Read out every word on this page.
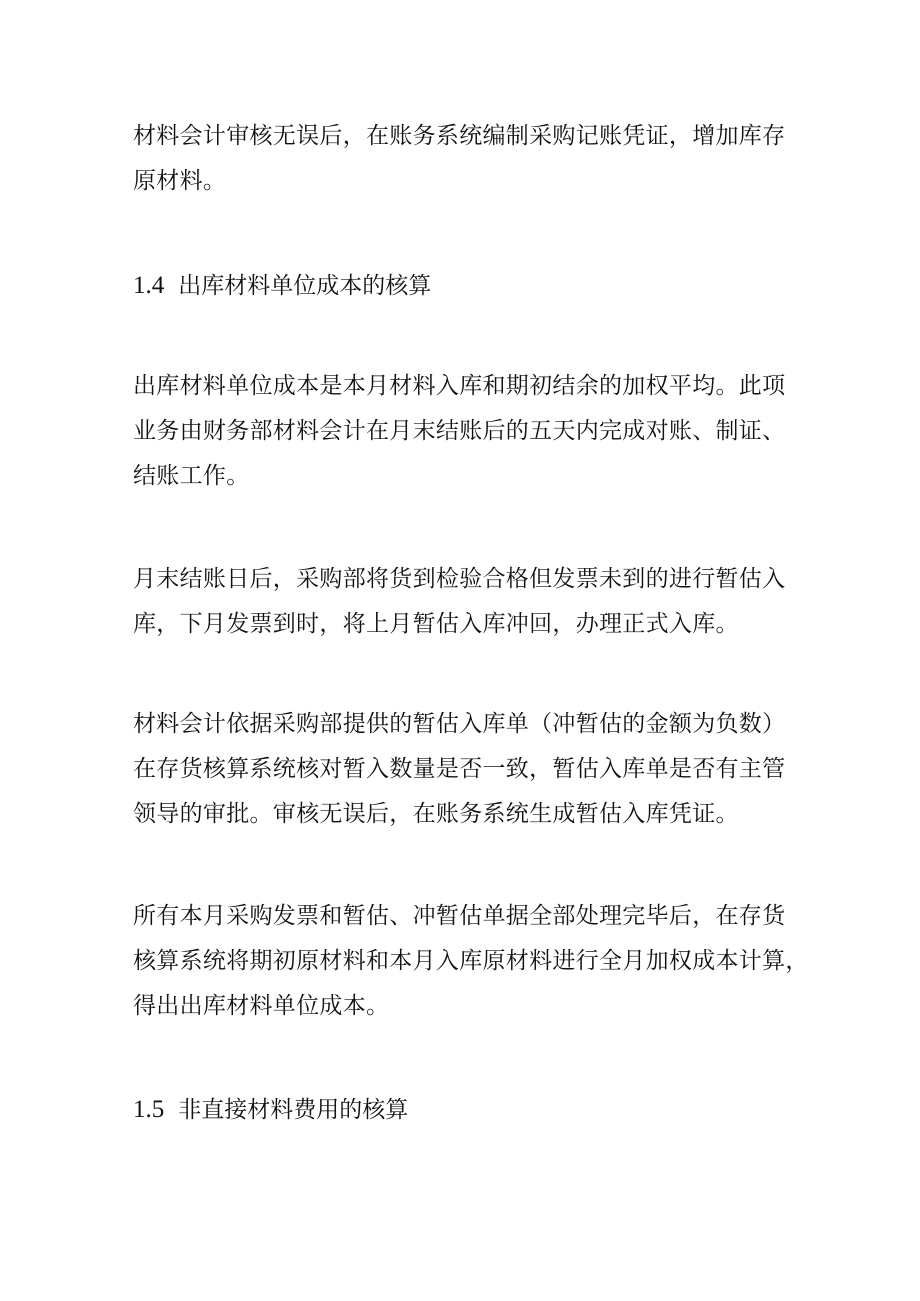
材料会计审核无误后，在账务系统编制采购记账凭证，增加库存
原材料。

1.4 出库材料单位成本的核算

出库材料单位成本是本月材料入库和期初结余的加权平均。此项
业务由财务部材料会计在月末结账后的五天内完成对账、制证、
结账工作。

月末结账日后，采购部将货到检验合格但发票未到的进行暂估入
库，下月发票到时，将上月暂估入库冲回，办理正式入库。

材料会计依据采购部提供的暂估入库单（冲暂估的金额为负数）
在存货核算系统核对暂入数量是否一致，暂估入库单是否有主管
领导的审批。审核无误后，在账务系统生成暂估入库凭证。

所有本月采购发票和暂估、冲暂估单据全部处理完毕后，在存货
核算系统将期初原材料和本月入库原材料进行全月加权成本计算，
得出出库材料单位成本。

1.5 非直接材料费用的核算
